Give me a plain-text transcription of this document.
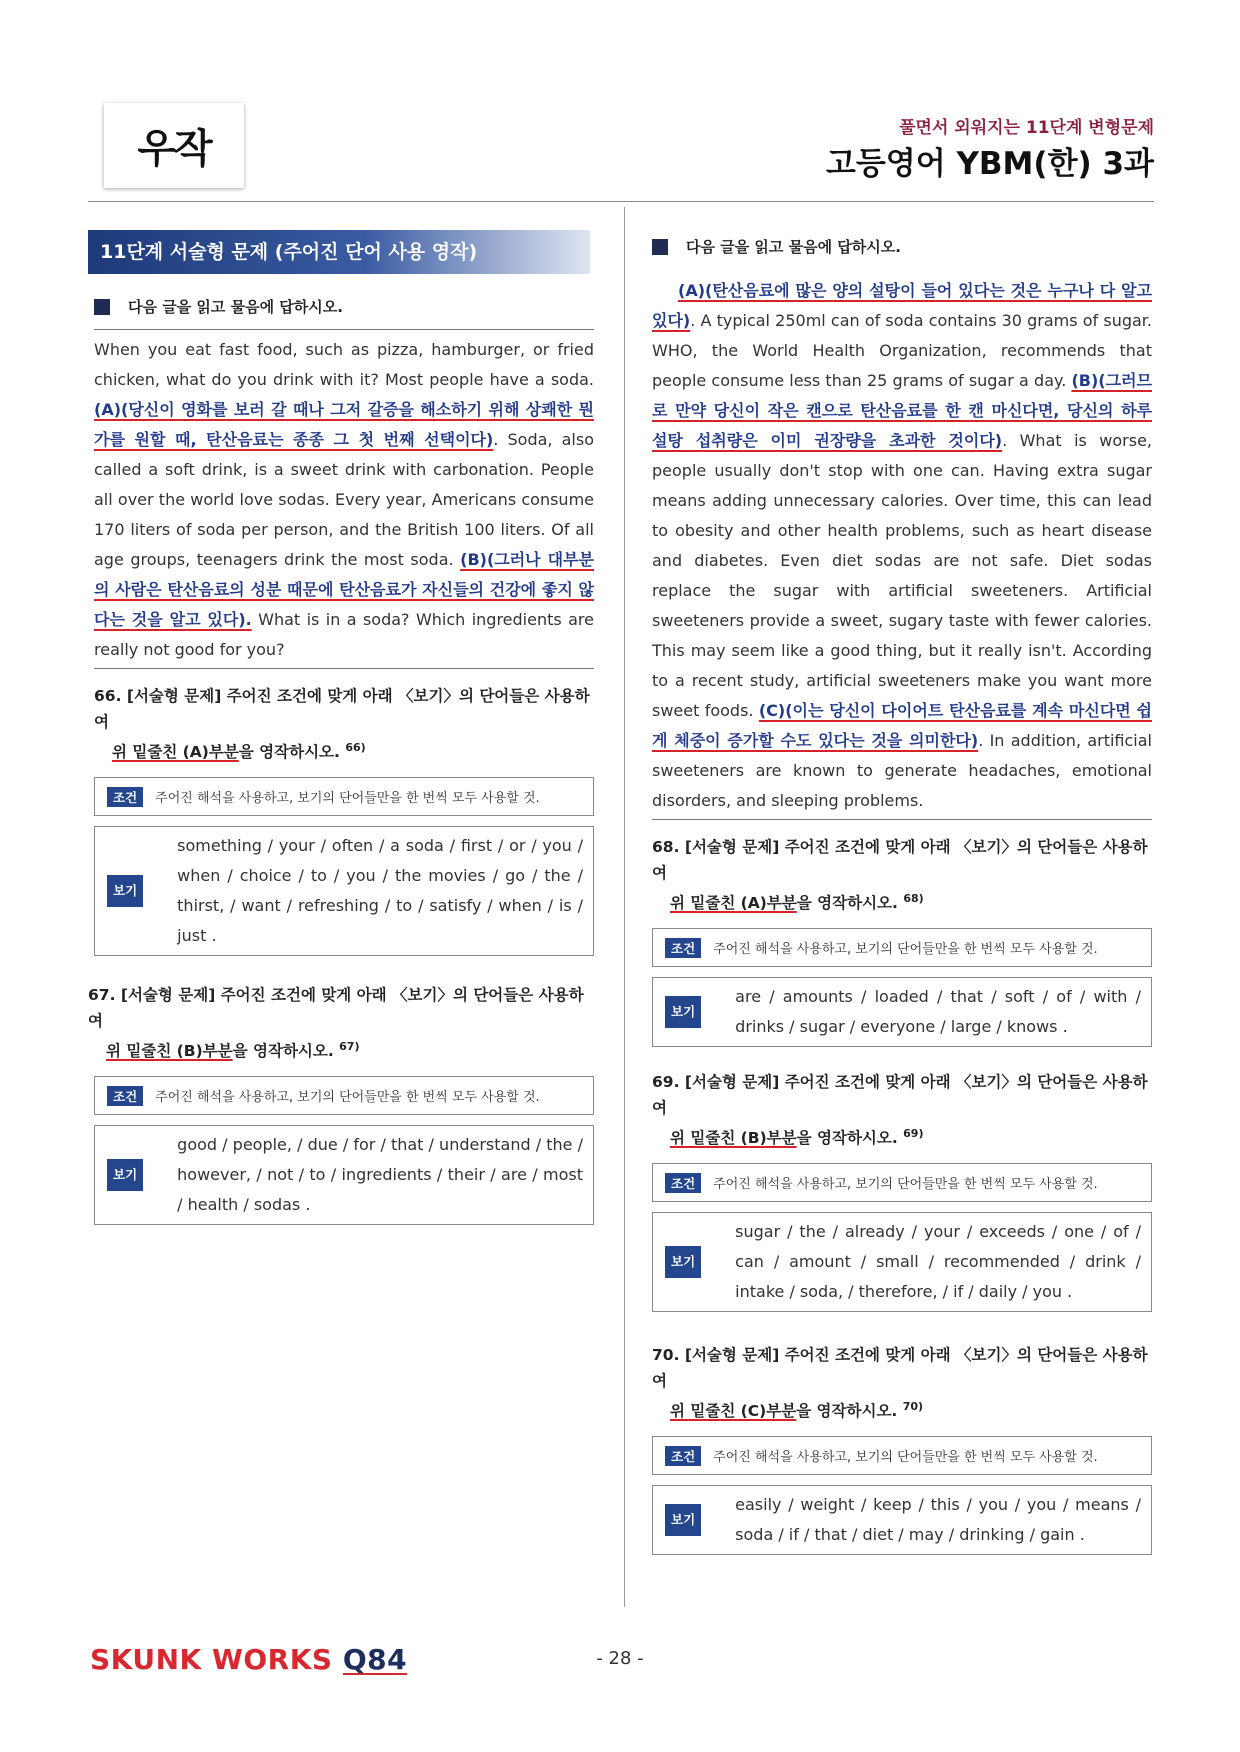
우작	풀면서 외워지는 11단계 변형문제
고등영어 YBM(한) 3과
11단계 서술형 문제 (주어진 단어 사용 영작)
다음 글을 읽고 물음에 답하시오.
When you eat fast food, such as pizza, hamburger, or fried chicken, what do you drink with it? Most people have a soda. (A)(당신이 영화를 보러 갈 때나 그저 갈증을 해소하기 위해 상쾌한 뭔가를 원할 때, 탄산음료는 종종 그 첫 번째 선택이다). Soda, also called a soft drink, is a sweet drink with carbonation. People all over the world love sodas. Every year, Americans consume 170 liters of soda per person, and the British 100 liters. Of all age groups, teenagers drink the most soda. (B)(그러나 대부분의 사람은 탄산음료의 성분 때문에 탄산음료가 자신들의 건강에 좋지 않다는 것을 알고 있다). What is in a soda? Which ingredients are really not good for you?
66. [서술형 문제] 주어진 조건에 맞게 아래 〈보기〉의 단어들은 사용하여
위 밑줄친 (A)부분을 영작하시오. $^{66)}$
조건	주어진 해석을 사용하고, 보기의 단어들만을 한 번씩 모두 사용할 것.
보기
something / your / often / a soda / first / or / you / when / choice / to / you / the movies / go / the / thirst, / want / refreshing / to / satisfy / when / is / just .
67. [서술형 문제] 주어진 조건에 맞게 아래 〈보기〉의 단어들은 사용하여
위 밑줄친 (B)부분을 영작하시오. $^{67)}$
조건	주어진 해석을 사용하고, 보기의 단어들만을 한 번씩 모두 사용할 것.
보기
good / people, / due / for / that / understand / the / however, / not / to / ingredients / their / are / most / health / sodas .
다음 글을 읽고 물음에 답하시오.
(A)(탄산음료에 많은 양의 설탕이 들어 있다는 것은 누구나 다 알고 있다). A typical 250ml can of soda contains 30 grams of sugar. WHO, the World Health Organization, recommends that people consume less than 25 grams of sugar a day. (B)(그러므로 만약 당신이 작은 캔으로 탄산음료를 한 캔 마신다면, 당신의 하루 설탕 섭취량은 이미 권장량을 초과한 것이다). What is worse, people usually don't stop with one can. Having extra sugar means adding unnecessary calories. Over time, this can lead to obesity and other health problems, such as heart disease and diabetes. Even diet sodas are not safe. Diet sodas replace the sugar with artificial sweeteners. Artificial sweeteners provide a sweet, sugary taste with fewer calories. This may seem like a good thing, but it really isn't. According to a recent study, artificial sweeteners make you want more sweet foods. (C)(이는 당신이 다이어트 탄산음료를 계속 마신다면 쉽게 체중이 증가할 수도 있다는 것을 의미한다). In addition, artificial sweeteners are known to generate headaches, emotional disorders, and sleeping problems.
68. [서술형 문제] 주어진 조건에 맞게 아래 〈보기〉의 단어들은 사용하여
위 밑줄친 (A)부분을 영작하시오. $^{68)}$
조건	주어진 해석을 사용하고, 보기의 단어들만을 한 번씩 모두 사용할 것.
보기
are / amounts / loaded / that / soft / of / with / drinks / sugar / everyone / large / knows .
69. [서술형 문제] 주어진 조건에 맞게 아래 〈보기〉의 단어들은 사용하여
위 밑줄친 (B)부분을 영작하시오. $^{69)}$
조건	주어진 해석을 사용하고, 보기의 단어들만을 한 번씩 모두 사용할 것.
보기
sugar / the / already / your / exceeds / one / of / can / amount / small / recommended / drink / intake / soda, / therefore, / if / daily / you .
70. [서술형 문제] 주어진 조건에 맞게 아래 〈보기〉의 단어들은 사용하여
위 밑줄친 (C)부분을 영작하시오. $^{70)}$
조건	주어진 해석을 사용하고, 보기의 단어들만을 한 번씩 모두 사용할 것.
보기
easily / weight / keep / this / you / you / means / soda / if / that / diet / may / drinking / gain .
SKUNK WORKS Q84	- 28 -
